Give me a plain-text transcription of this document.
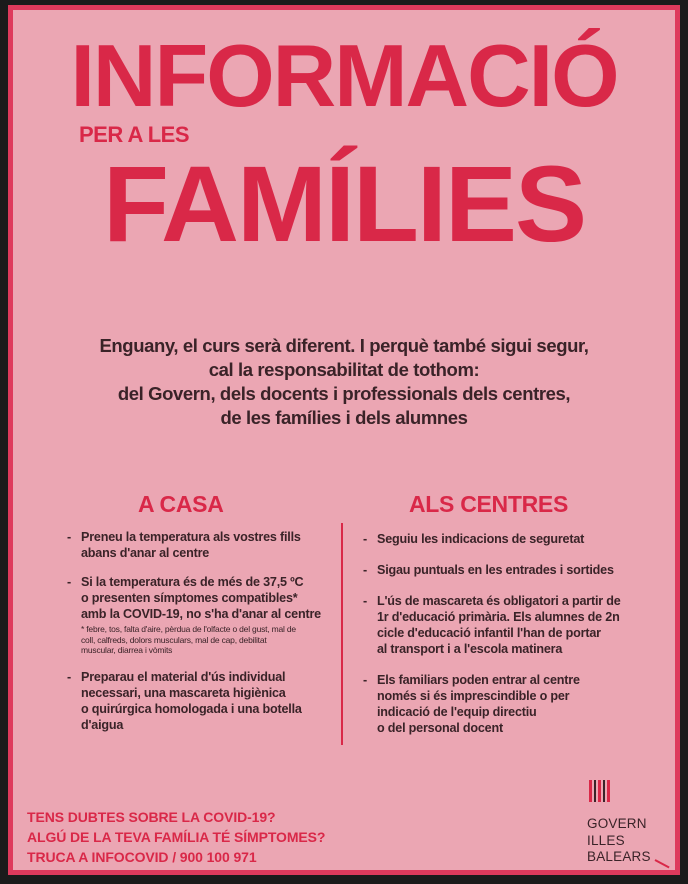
INFORMACIÓ
PER A LES
FAMÍLIES
Enguany, el curs serà diferent. I perquè també sigui segur,
cal la responsabilitat de tothom:
del Govern, dels docents i professionals dels centres,
de les famílies i dels alumnes
A CASA	ALS CENTRES
- Preneu la temperatura als vostres fills
abans d'anar al centre
- Si la temperatura és de més de 37,5 ºC
o presenten símptomes compatibles*
amb la COVID-19, no s'ha d'anar al centre
* febre, tos, falta d'aire, pèrdua de l'olfacte o del gust, mal de
coll, calfreds, dolors musculars, mal de cap, debilitat
muscular, diarrea i vòmits
- Preparau el material d'ús individual
necessari, una mascareta higiènica
o quirúrgica homologada i una botella
d'aigua
- Seguiu les indicacions de seguretat
- Sigau puntuals en les entrades i sortides
- L'ús de mascareta és obligatori a partir de
1r d'educació primària. Els alumnes de 2n
cicle d'educació infantil l'han de portar
al transport i a l'escola matinera
- Els familiars poden entrar al centre
només si és imprescindible o per
indicació de l'equip directiu
o del personal docent
TENS DUBTES SOBRE LA COVID-19?
ALGÚ DE LA TEVA FAMÍLIA TÉ SÍMPTOMES?
TRUCA A INFOCOVID / 900 100 971
GOVERN
ILLES
BALEARS
